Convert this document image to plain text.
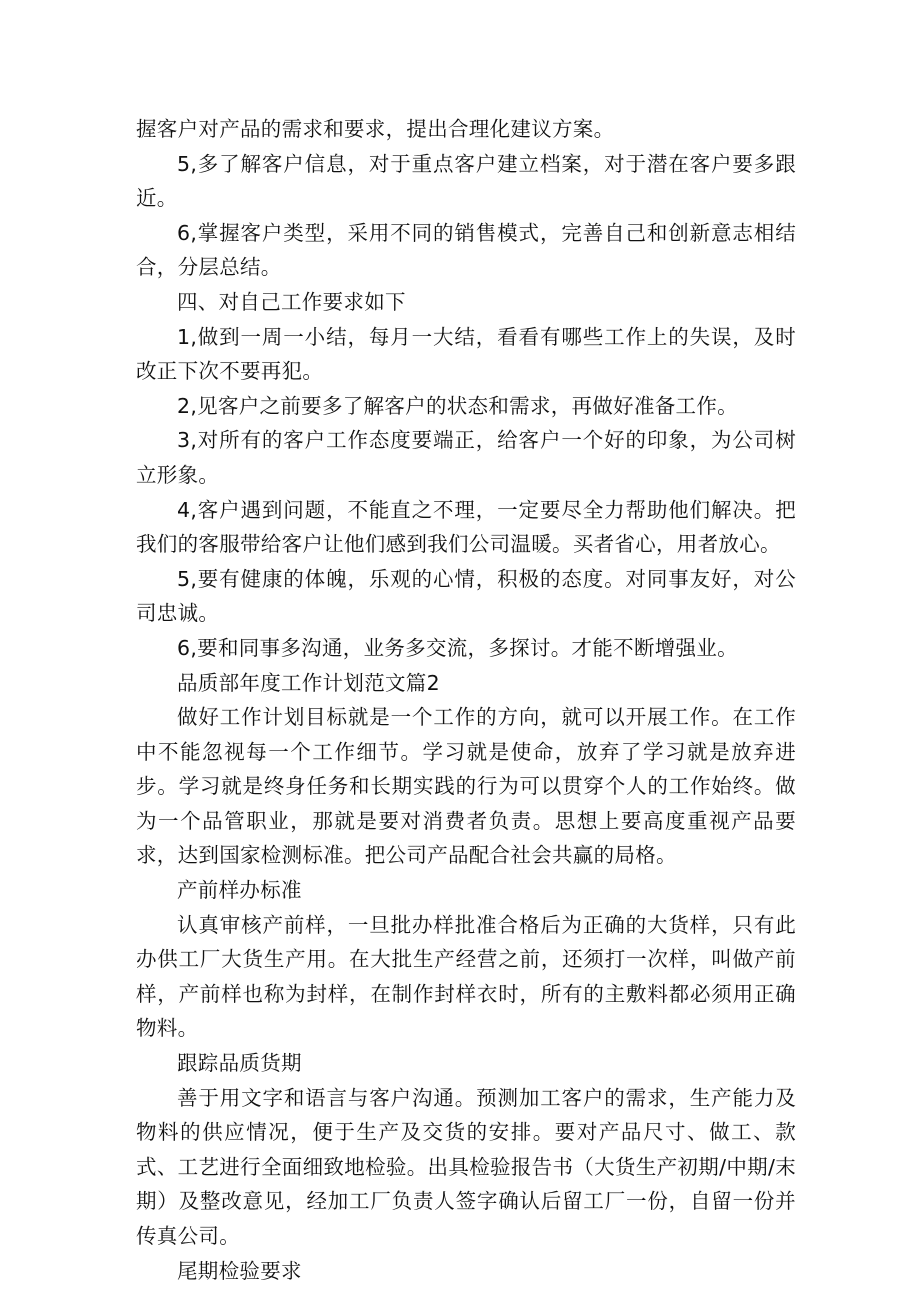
握客户对产品的需求和要求，提出合理化建议方案。

5,多了解客户信息，对于重点客户建立档案，对于潜在客户要多跟近。

6,掌握客户类型，采用不同的销售模式，完善自己和创新意志相结合，分层总结。

四、对自己工作要求如下

1,做到一周一小结，每月一大结，看看有哪些工作上的失误，及时改正下次不要再犯。

2,见客户之前要多了解客户的状态和需求，再做好准备工作。

3,对所有的客户工作态度要端正，给客户一个好的印象，为公司树立形象。

4,客户遇到问题，不能直之不理，一定要尽全力帮助他们解决。把我们的客服带给客户让他们感到我们公司温暖。买者省心，用者放心。

5,要有健康的体魄，乐观的心情，积极的态度。对同事友好，对公司忠诚。

6,要和同事多沟通，业务多交流，多探讨。才能不断增强业。

品质部年度工作计划范文篇2

做好工作计划目标就是一个工作的方向，就可以开展工作。在工作中不能忽视每一个工作细节。学习就是使命，放弃了学习就是放弃进步。学习就是终身任务和长期实践的行为可以贯穿个人的工作始终。做为一个品管职业，那就是要对消费者负责。思想上要高度重视产品要求，达到国家检测标准。把公司产品配合社会共赢的局格。

产前样办标准

认真审核产前样，一旦批办样批准合格后为正确的大货样，只有此办供工厂大货生产用。在大批生产经营之前，还须打一次样，叫做产前样，产前样也称为封样，在制作封样衣时，所有的主敷料都必须用正确物料。

跟踪品质货期

善于用文字和语言与客户沟通。预测加工客户的需求，生产能力及物料的供应情况，便于生产及交货的安排。要对产品尺寸、做工、款式、工艺进行全面细致地检验。出具检验报告书（大货生产初期/中期/末期）及整改意见，经加工厂负责人签字确认后留工厂一份，自留一份并传真公司。

尾期检验要求
